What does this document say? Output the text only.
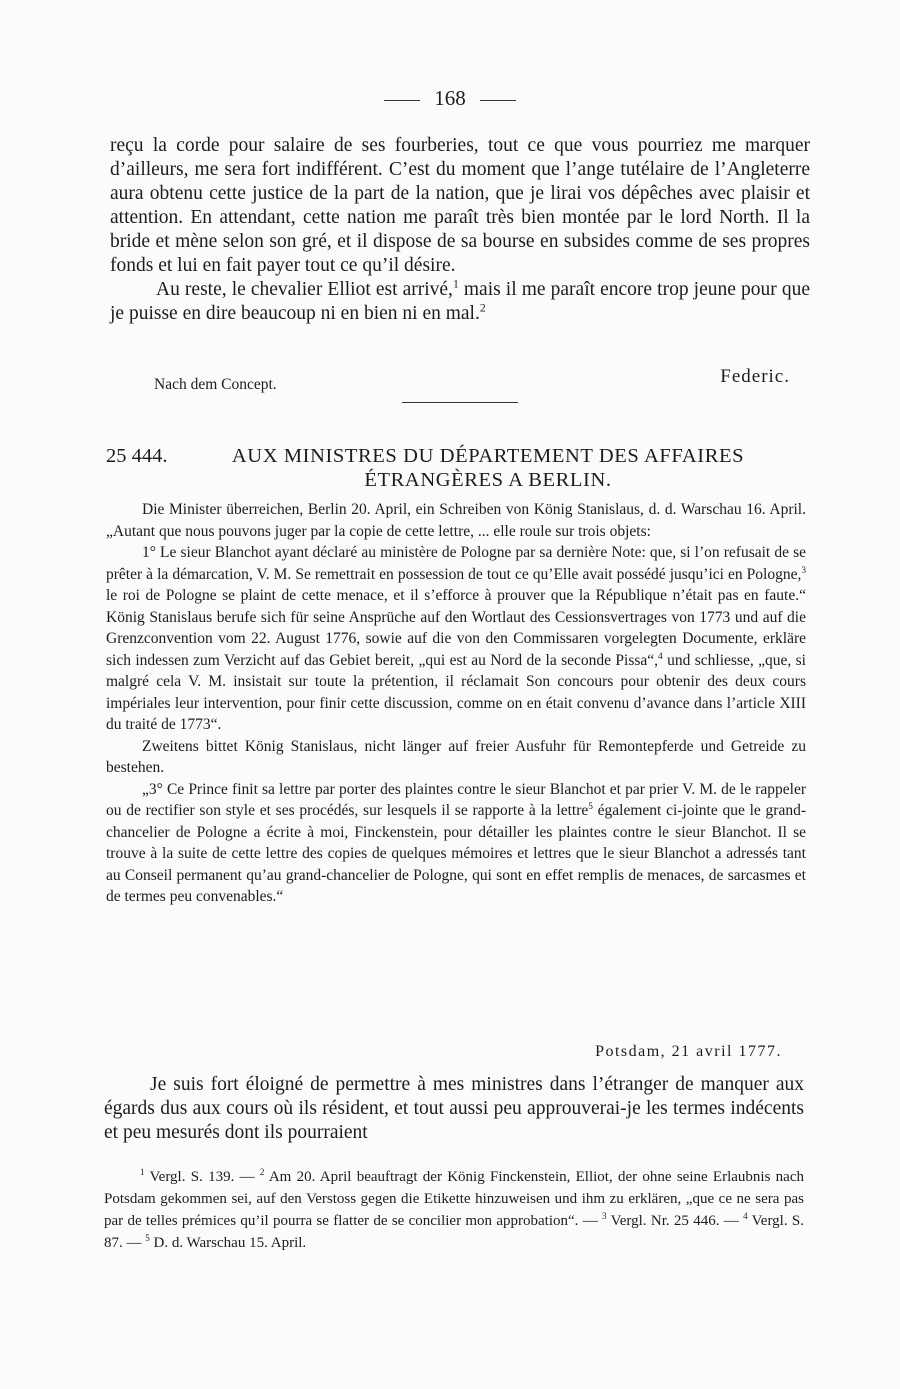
168
reçu la corde pour salaire de ses fourberies, tout ce que vous pourriez me marquer d’ailleurs, me sera fort indifférent. C’est du moment que l’ange tutélaire de l’Angleterre aura obtenu cette justice de la part de la nation, que je lirai vos dépêches avec plaisir et attention. En attendant, cette nation me paraît très bien montée par le lord North. Il la bride et mène selon son gré, et il dispose de sa bourse en subsides comme de ses propres fonds et lui en fait payer tout ce qu’il désire.
Au reste, le chevalier Elliot est arrivé,$^1$ mais il me paraît encore trop jeune pour que je puisse en dire beaucoup ni en bien ni en mal.$^2$
Nach dem Concept.	Federic.
25 444.	AUX MINISTRES DU DÉPARTEMENT DES AFFAIRES
ÉTRANGÈRES A BERLIN.
Die Minister überreichen, Berlin 20. April, ein Schreiben von König Stanislaus, d. d. Warschau 16. April. „Autant que nous pouvons juger par la copie de cette lettre, ... elle roule sur trois objets:
1° Le sieur Blanchot ayant déclaré au ministère de Pologne par sa dernière Note: que, si l’on refusait de se prêter à la démarcation, V. M. Se remettrait en possession de tout ce qu’Elle avait possédé jusqu’ici en Pologne,$^3$ le roi de Pologne se plaint de cette menace, et il s’efforce à prouver que la République n’était pas en faute.“ König Stanislaus berufe sich für seine Ansprüche auf den Wortlaut des Cessionsvertrages von 1773 und auf die Grenzconvention vom 22. August 1776, sowie auf die von den Commissaren vorgelegten Documente, erkläre sich indessen zum Verzicht auf das Gebiet bereit, „qui est au Nord de la seconde Pissa“,$^4$ und schliesse, „que, si malgré cela V. M. insistait sur toute la prétention, il réclamait Son concours pour obtenir des deux cours impériales leur intervention, pour finir cette discussion, comme on en était convenu d’avance dans l’article XIII du traité de 1773“.
Zweitens bittet König Stanislaus, nicht länger auf freier Ausfuhr für Remontepferde und Getreide zu bestehen.
„3° Ce Prince finit sa lettre par porter des plaintes contre le sieur Blanchot et par prier V. M. de le rappeler ou de rectifier son style et ses procédés, sur lesquels il se rapporte à la lettre$^5$ également ci-jointe que le grand-chancelier de Pologne a écrite à moi, Finckenstein, pour détailler les plaintes contre le sieur Blanchot. Il se trouve à la suite de cette lettre des copies de quelques mémoires et lettres que le sieur Blanchot a adressés tant au Conseil permanent qu’au grand-chancelier de Pologne, qui sont en effet remplis de menaces, de sarcasmes et de termes peu convenables.“
Potsdam, 21 avril 1777.
Je suis fort éloigné de permettre à mes ministres dans l’étranger de manquer aux égards dus aux cours où ils résident, et tout aussi peu approuverai-je les termes indécents et peu mesurés dont ils pourraient
$^1$ Vergl. S. 139. — $^2$ Am 20. April beauftragt der König Finckenstein, Elliot, der ohne seine Erlaubnis nach Potsdam gekommen sei, auf den Verstoss gegen die Etikette hinzuweisen und ihm zu erklären, „que ce ne sera pas par de telles prémices qu’il pourra se flatter de se concilier mon approbation“. — $^3$ Vergl. Nr. 25 446. — $^4$ Vergl. S. 87. — $^5$ D. d. Warschau 15. April.
